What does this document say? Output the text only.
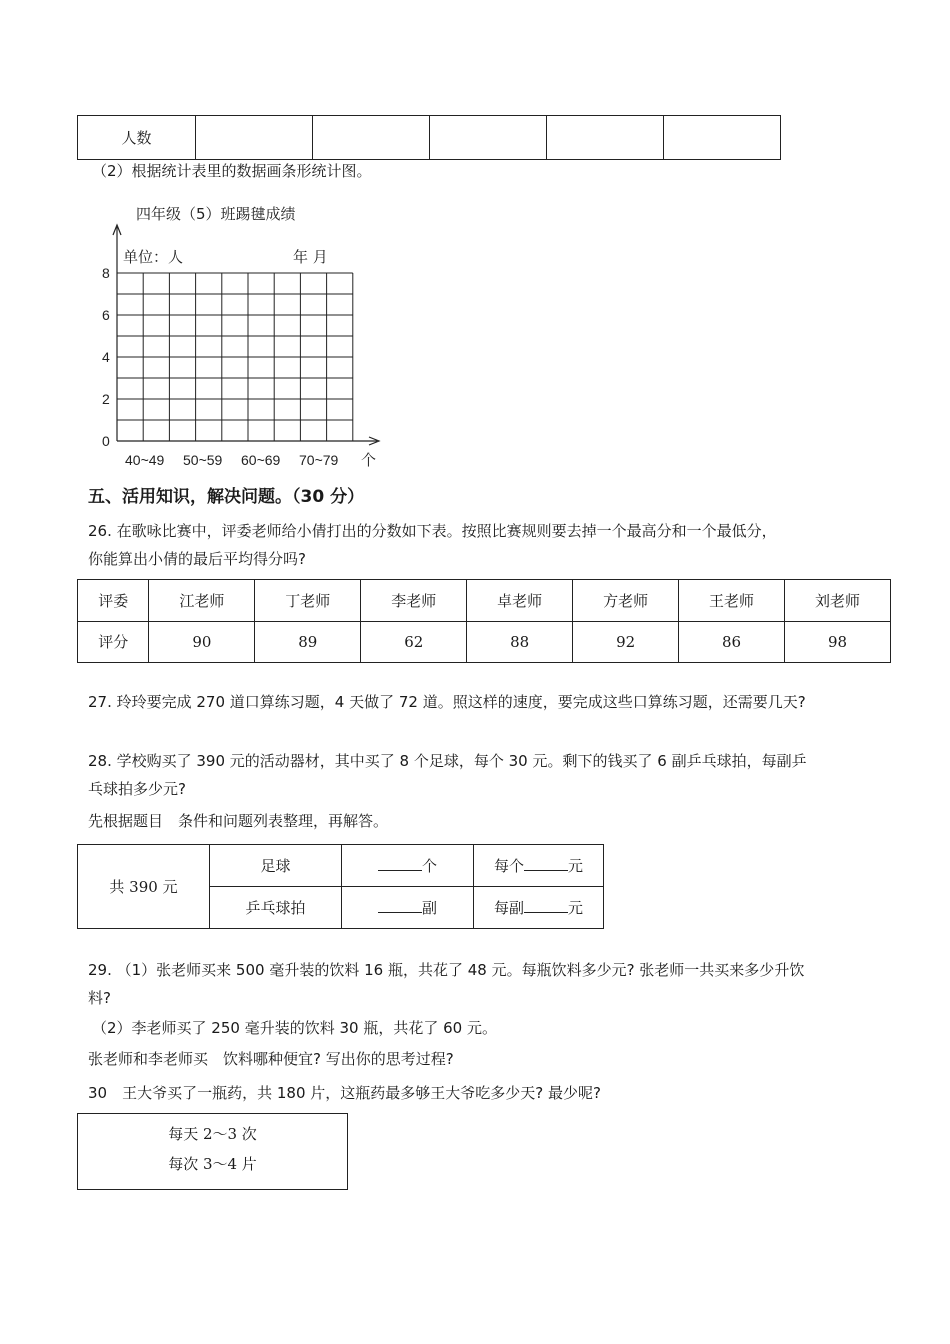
人数					
（2）根据统计表里的数据画条形统计图。
四年级（5）班踢毽成绩
单位：人	年 月
0
2
4
6
8
40~49 50~59 60~69 70~79 个
五、活用知识，解决问题。（30 分）
26. 在歌咏比赛中，评委老师给小倩打出的分数如下表。按照比赛规则要去掉一个最高分和一个最低分，
你能算出小倩的最后平均得分吗?
评委	江老师	丁老师	李老师	卓老师	方老师	王老师	刘老师
评分	90	89	62	88	92	86	98
27. 玲玲要完成 270 道口算练习题，4 天做了 72 道。照这样的速度，要完成这些口算练习题，还需要几天?
28. 学校购买了 390 元的活动器材，其中买了 8 个足球，每个 30 元。剩下的钱买了 6 副乒乓球拍，每副乒
乓球拍多少元?
先根据题目　条件和问题列表整理，再解答。
共 390 元	足球	个	每个 元
	乒乓球拍	副	每副 元
29. （1）张老师买来 500 毫升装的饮料 16 瓶，共花了 48 元。每瓶饮料多少元? 张老师一共买来多少升饮
料?
（2）李老师买了 250 毫升装的饮料 30 瓶，共花了 60 元。
张老师和李老师买　饮料哪种便宜? 写出你的思考过程?
30　王大爷买了一瓶药，共 180 片，这瓶药最多够王大爷吃多少天? 最少呢?
每天 2～3 次
每次 3～4 片
